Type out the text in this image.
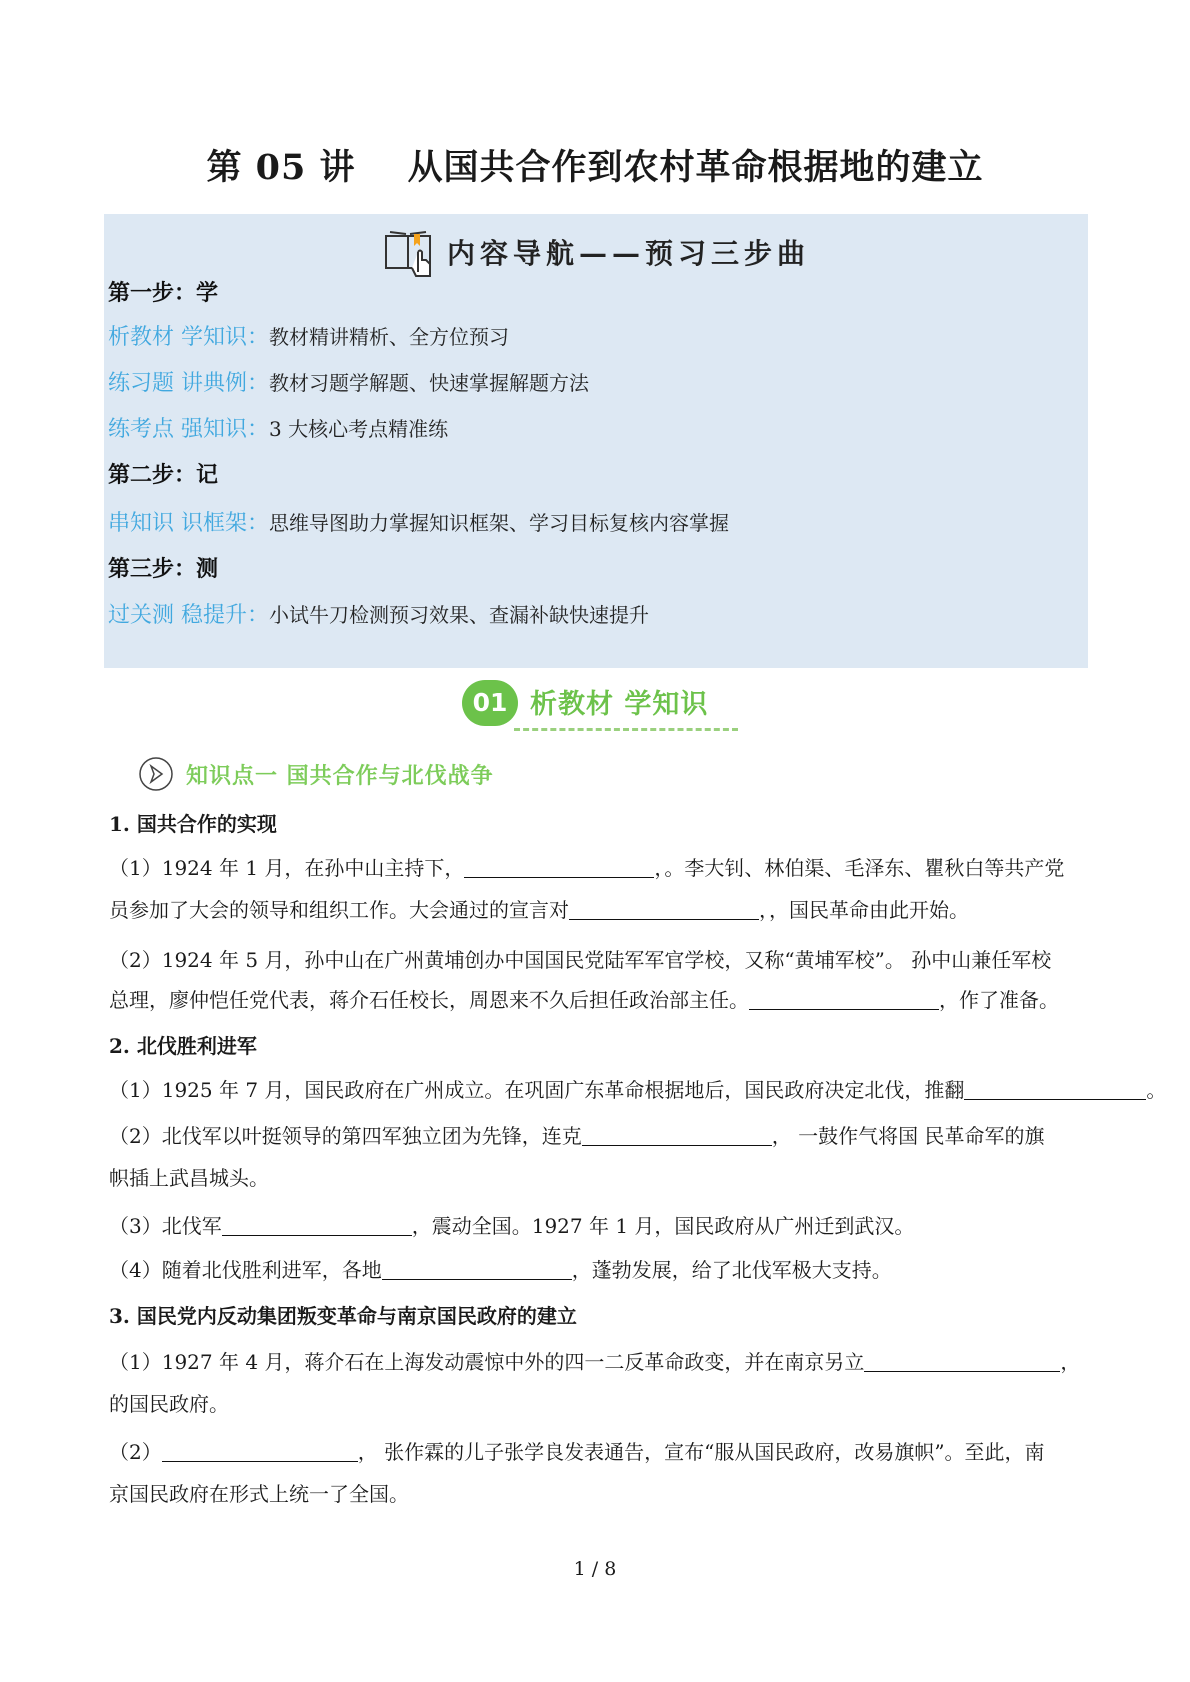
第 05 讲 从国共合作到农村革命根据地的建立
内容导航——预习三步曲
第一步：学
析教材 学知识：教材精讲精析、全方位预习
练习题 讲典例：教材习题学解题、快速掌握解题方法
练考点 强知识：3 大核心考点精准练
第二步：记
串知识 识框架：思维导图助力掌握知识框架、学习目标复核内容掌握
第三步：测
过关测 稳提升：小试牛刀检测预习效果、查漏补缺快速提升
01 析教材 学知识
知识点一 国共合作与北伐战争
1. 国共合作的实现
（1）1924 年 1 月，在孙中山主持下，	，。李大钊、林伯渠、毛泽东、瞿秋白等共产党
员参加了大会的领导和组织工作。大会通过的宣言对	，，国民革命由此开始。
（2）1924 年 5 月，孙中山在广州黄埔创办中国国民党陆军军官学校，又称“黄埔军校”。 孙中山兼任军校
总理，廖仲恺任党代表，蒋介石任校长，周恩来不久后担任政治部主任。	，作了准备。
2. 北伐胜利进军
（1）1925 年 7 月，国民政府在广州成立。在巩固广东革命根据地后，国民政府决定北伐，推翻	。
（2）北伐军以叶挺领导的第四军独立团为先锋，连克	， 一鼓作气将国 民革命军的旗
帜插上武昌城头。
（3）北伐军	，震动全国。1927 年 1 月，国民政府从广州迁到武汉。
（4）随着北伐胜利进军，各地	，蓬勃发展，给了北伐军极大支持。
3. 国民党内反动集团叛变革命与南京国民政府的建立
（1）1927 年 4 月，蒋介石在上海发动震惊中外的四一二反革命政变，并在南京另立	，
的国民政府。
（2）	， 张作霖的儿子张学良发表通告，宣布“服从国民政府，改易旗帜”。至此，南
京国民政府在形式上统一了全国。
1 / 8
